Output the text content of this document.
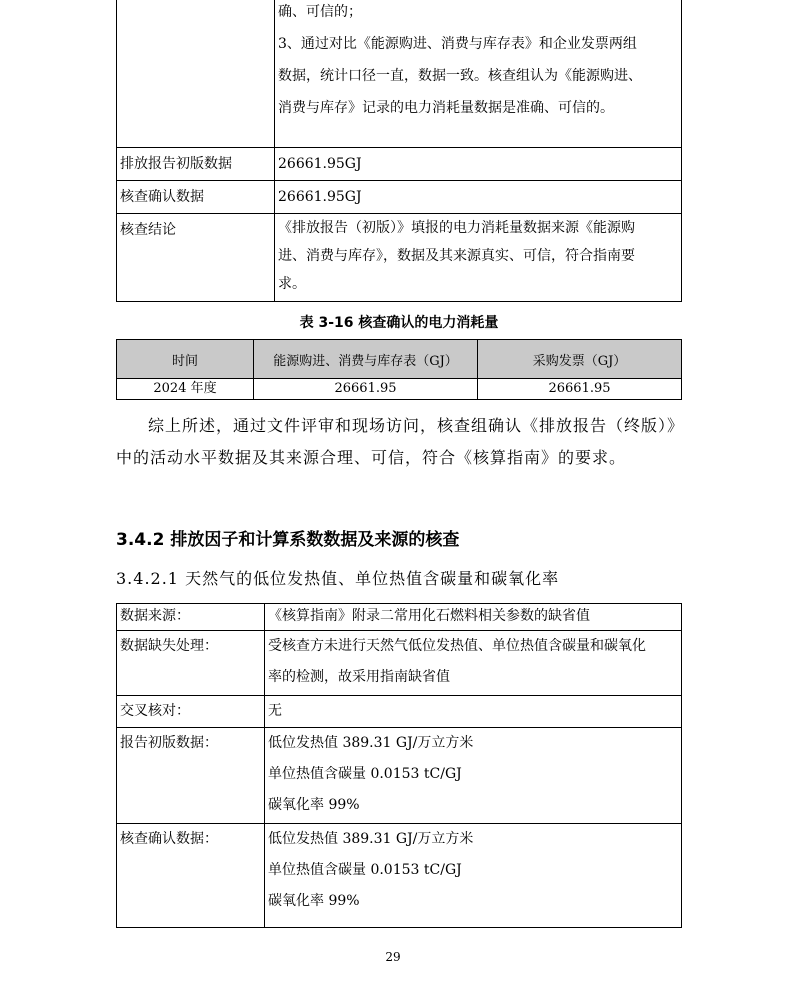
	确、可信的；
3、通过对比《能源购进、消费与库存表》和企业发票两组
数据，统计口径一直，数据一致。核查组认为《能源购进、
消费与库存》记录的电力消耗量数据是准确、可信的。

排放报告初版数据	26661.95GJ
核查确认数据	26661.95GJ
核查结论	《排放报告（初版）》填报的电力消耗量数据来源《能源购
进、消费与库存》，数据及其来源真实、可信，符合指南要
求。
表 3-16 核查确认的电力消耗量
时间	能源购进、消费与库存表（GJ）	采购发票（GJ）
2024 年度	26661.95	26661.95

综上所述，通过文件评审和现场访问，核查组确认《排放报告（终版）》中的活动水平数据及其来源合理、可信，符合《核算指南》的要求。

3.4.2 排放因子和计算系数数据及来源的核查
3.4.2.1 天然气的低位发热值、单位热值含碳量和碳氧化率
数据来源：	《核算指南》附录二常用化石燃料相关参数的缺省值

数据缺失处理：	受核查方未进行天然气低位发热值、单位热值含碳量和碳氧化
率的检测，故采用指南缺省值

交叉核对：	无
报告初版数据：	低位发热值 389.31 GJ/万立方米
单位热值含碳量 0.0153 tC/GJ
碳氧化率 99%

核查确认数据：	低位发热值 389.31 GJ/万立方米
单位热值含碳量 0.0153 tC/GJ
碳氧化率 99%
29
